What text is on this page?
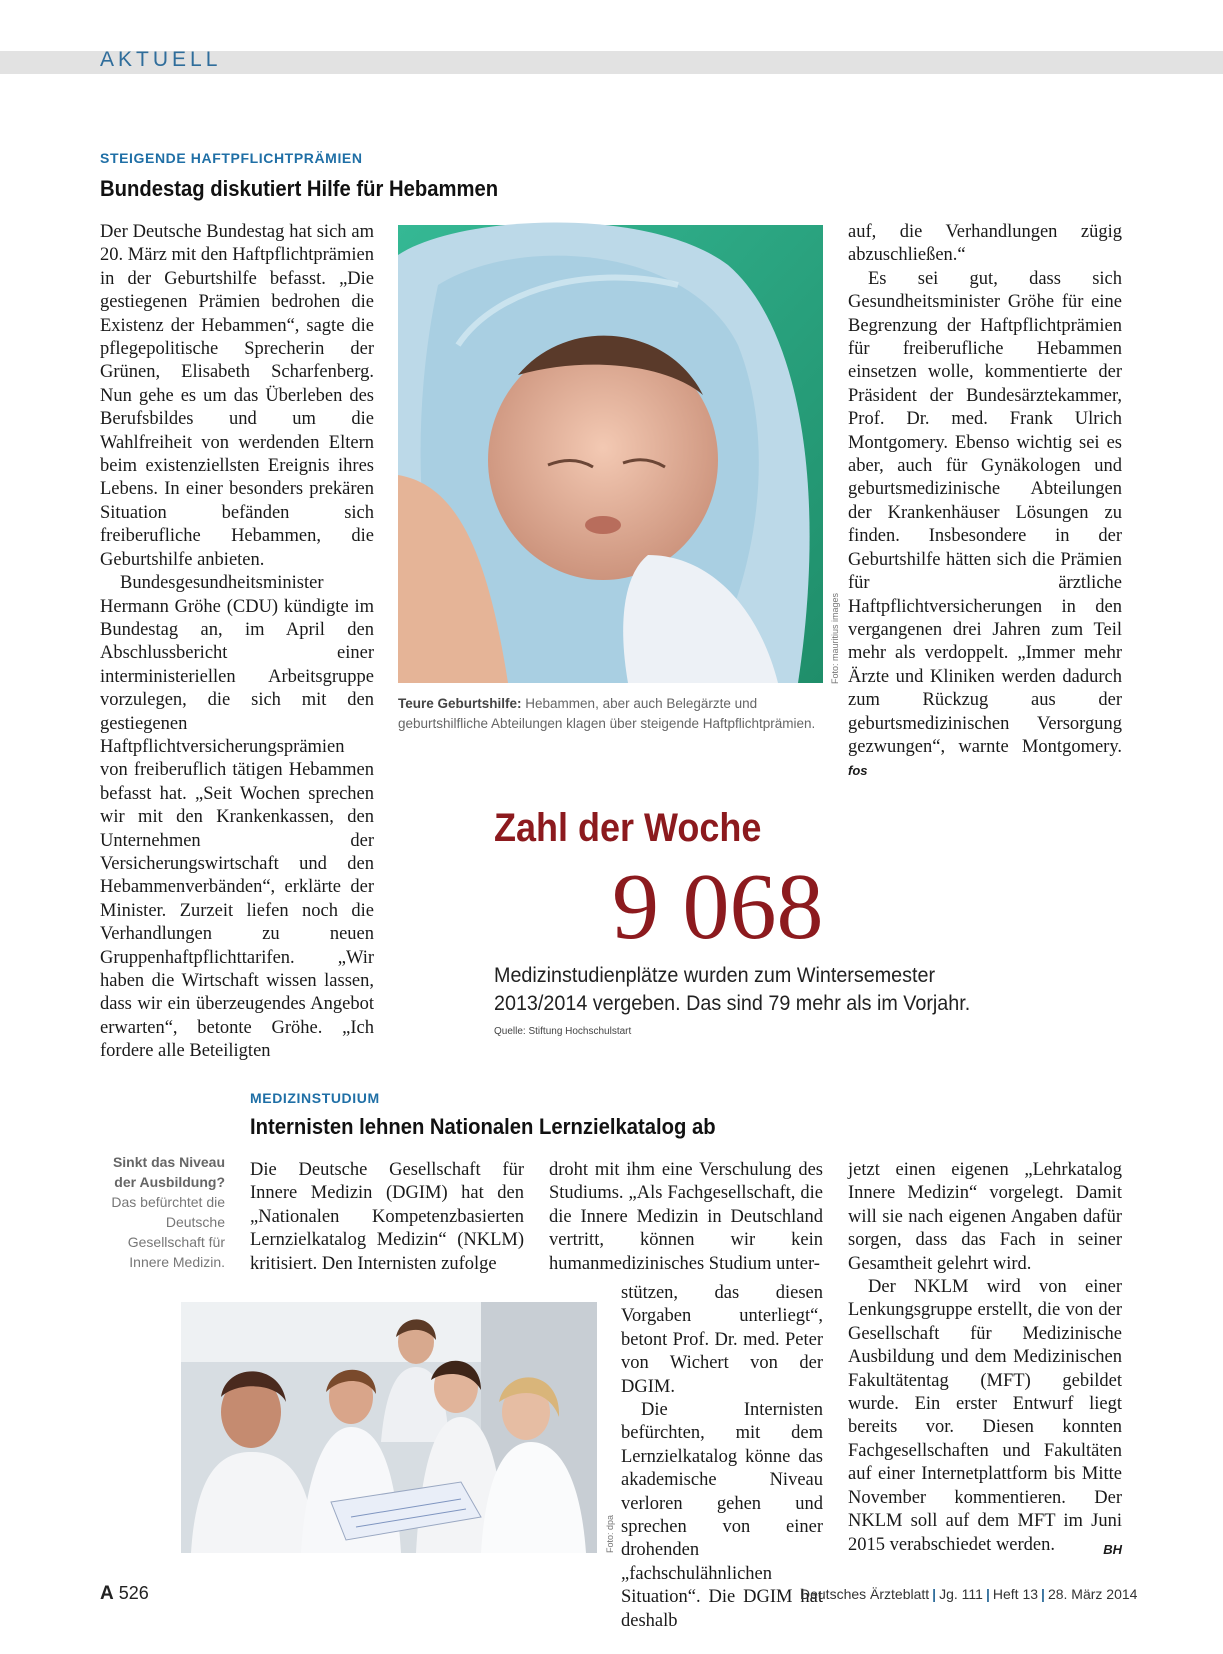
AKTUELL
STEIGENDE HAFTPFLICHTPRÄMIEN
Bundestag diskutiert Hilfe für Hebammen

Der Deutsche Bundestag hat sich am 20. März mit den Haftpflichtprämien in der Geburtshilfe befasst. „Die gestiegenen Prämien bedrohen die Existenz der Hebammen“, sagte die pflegepolitische Sprecherin der Grünen, Elisabeth Scharfenberg. Nun gehe es um das Überleben des Berufsbildes und um die Wahlfreiheit von werdenden Eltern beim existenziellsten Ereignis ihres Lebens. In einer besonders prekären Situation befänden sich freiberufliche Hebammen, die Geburtshilfe anbieten.

Bundesgesundheitsminister Hermann Gröhe (CDU) kündigte im Bundestag an, im April den Abschlussbericht einer interministeriellen Arbeitsgruppe vorzulegen, die sich mit den gestiegenen Haftpflichtversicherungsprämien von freiberuflich tätigen Hebammen befasst hat. „Seit Wochen sprechen wir mit den Krankenkassen, den Unternehmen der Versicherungswirtschaft und den Hebammenverbänden“, erklärte der Minister. Zurzeit liefen noch die Verhandlungen zu neuen Gruppenhaftpflichttarifen. „Wir haben die Wirtschaft wissen lassen, dass wir ein überzeugendes Angebot erwarten“, betonte Gröhe. „Ich fordere alle Beteiligten

Foto: mauritius images
Teure Geburtshilfe: Hebammen, aber auch Belegärzte und geburtshilfliche Abteilungen klagen über steigende Haftpflichtprämien.

auf, die Verhandlungen zügig abzuschließen.“

Es sei gut, dass sich Gesundheitsminister Gröhe für eine Begrenzung der Haftpflichtprämien für freiberufliche Hebammen einsetzen wolle, kommentierte der Präsident der Bundesärztekammer, Prof. Dr. med. Frank Ulrich Montgomery. Ebenso wichtig sei es aber, auch für Gynäkologen und geburtsmedizinische Abteilungen der Krankenhäuser Lösungen zu finden. Insbesondere in der Geburtshilfe hätten sich die Prämien für ärztliche Haftpflichtversicherungen in den vergangenen drei Jahren zum Teil mehr als verdoppelt. „Immer mehr Ärzte und Kliniken werden dadurch zum Rückzug aus der geburtsmedizinischen Versorgung gezwungen“, warnte Montgomery. fos

Zahl der Woche
9 068
Medizinstudienplätze wurden zum Wintersemester 2013/2014 vergeben. Das sind 79 mehr als im Vorjahr.
Quelle: Stiftung Hochschulstart
MEDIZINSTUDIUM
Internisten lehnen Nationalen Lernzielkatalog ab
Sinkt das Niveau der Ausbildung? Das befürchtet die Deutsche Gesellschaft für Innere Medizin.

Die Deutsche Gesellschaft für Innere Medizin (DGIM) hat den „Nationalen Kompetenzbasierten Lernzielkatalog Medizin“ (NKLM) kritisiert. Den Internisten zufolge

droht mit ihm eine Verschulung des Studiums. „Als Fachgesellschaft, die die Innere Medizin in Deutschland vertritt, können wir kein humanmedizinisches Studium unter-

Foto: dpa

stützen, das diesen Vorgaben unterliegt“, betont Prof. Dr. med. Peter von Wichert von der DGIM.

Die Internisten befürchten, mit dem Lernzielkatalog könne das akademische Niveau verloren gehen und sprechen von einer drohenden „fachschulähnlichen Situation“. Die DGIM hat deshalb

jetzt einen eigenen „Lehrkatalog Innere Medizin“ vorgelegt. Damit will sie nach eigenen Angaben dafür sorgen, dass das Fach in seiner Gesamtheit gelehrt wird.

Der NKLM wird von einer Lenkungsgruppe erstellt, die von der Gesellschaft für Medizinische Ausbildung und dem Medizinischen Fakultätentag (MFT) gebildet wurde. Ein erster Entwurf liegt bereits vor. Diesen konnten Fachgesellschaften und Fakultäten auf einer Internetplattform bis Mitte November kommentieren. Der NKLM soll auf dem MFT im Juni 2015 verabschiedet werden.	BH

A 526	Deutsches Ärzteblatt | Jg. 111 | Heft 13 | 28. März 2014
